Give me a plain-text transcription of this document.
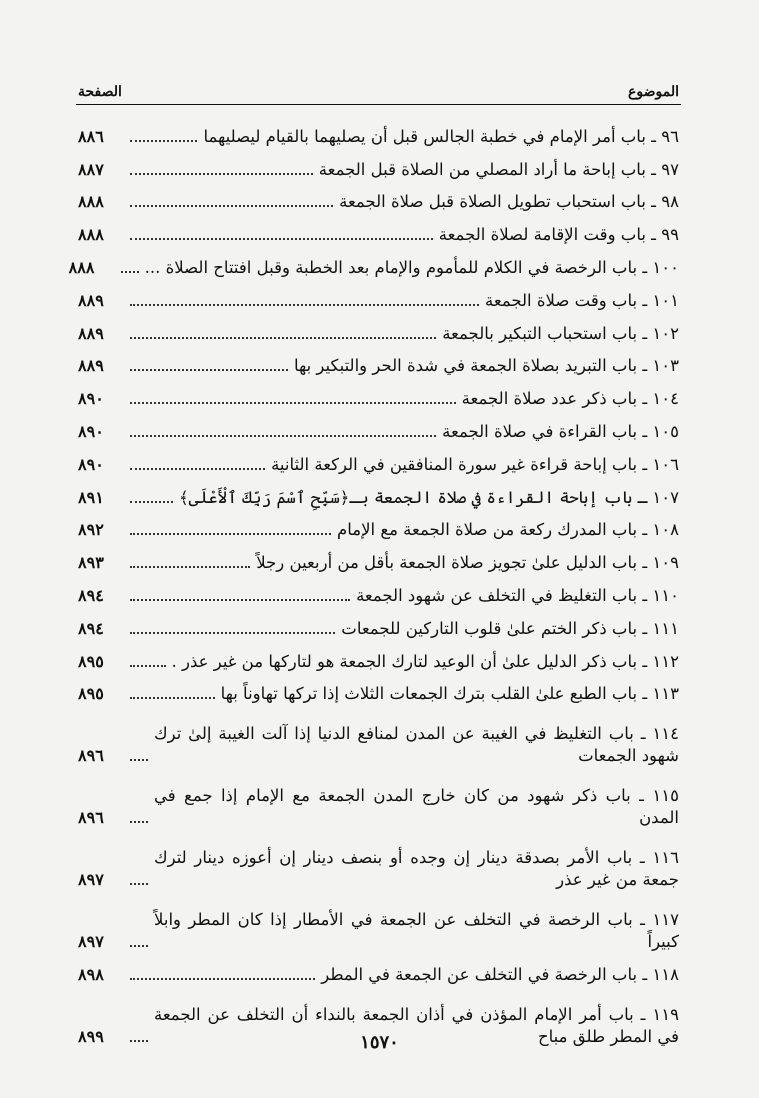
الموضوع
الصفحة
٩٦ ـ باب أمر الإمام في خطبة الجالس قبل أن يصليهما بالقيام ليصليهما
٨٨٦
٩٧ ـ باب إباحة ما أراد المصلي من الصلاة قبل الجمعة
٨٨٧
٩٨ ـ باب استحباب تطويل الصلاة قبل صلاة الجمعة
٨٨٨
٩٩ ـ باب وقت الإقامة لصلاة الجمعة
٨٨٨
١٠٠ ـ باب الرخصة في الكلام للمأموم والإمام بعد الخطبة وقبل افتتاح الصلاة ...
٨٨٨
١٠١ ـ باب وقت صلاة الجمعة
٨٨٩
١٠٢ ـ باب استحباب التبكير بالجمعة
٨٨٩
١٠٣ ـ باب التبريد بصلاة الجمعة في شدة الحر والتبكير بها
٨٨٩
١٠٤ ـ باب ذكر عدد صلاة الجمعة
٨٩٠
١٠٥ ـ باب القراءة في صلاة الجمعة
٨٩٠
١٠٦ ـ باب إباحة قراءة غير سورة المنافقين في الركعة الثانية
٨٩٠
١٠٧ ـ باب إباحة القراءة في صلاة الجمعة بـ﴿سَبِّحِ ٱسْمَ رَبِّكَ ٱلْأَعْلَى﴾
٨٩١
١٠٨ ـ باب المدرك ركعة من صلاة الجمعة مع الإمام
٨٩٢
١٠٩ ـ باب الدليل علىٰ تجويز صلاة الجمعة بأقل من أربعين رجلاً
٨٩٣
١١٠ ـ باب التغليظ في التخلف عن شهود الجمعة
٨٩٤
١١١ ـ باب ذكر الختم علىٰ قلوب التاركين للجمعات
٨٩٤
١١٢ ـ باب ذكر الدليل علىٰ أن الوعيد لتارك الجمعة هو لتاركها من غير عذر .
٨٩٥
١١٣ ـ باب الطبع علىٰ القلب بترك الجمعات الثلاث إذا تركها تهاوناً بها
٨٩٥
١١٤ ـ باب التغليظ في الغيبة عن المدن لمنافع الدنيا إذا آلت الغيبة إلىٰ ترك شهود الجمعات
٨٩٦
١١٥ ـ باب ذكر شهود من كان خارج المدن الجمعة مع الإمام إذا جمع في المدن
٨٩٦
١١٦ ـ باب الأمر بصدقة دينار إن وجده أو بنصف دينار إن أعوزه دينار لترك جمعة من غير عذر
٨٩٧
١١٧ ـ باب الرخصة في التخلف عن الجمعة في الأمطار إذا كان المطر وابلاً كبيراً
٨٩٧
١١٨ ـ باب الرخصة في التخلف عن الجمعة في المطر
٨٩٨
١١٩ ـ باب أمر الإمام المؤذن في أذان الجمعة بالنداء أن التخلف عن الجمعة في المطر طلق مباح
٨٩٩	١٥٧٠
